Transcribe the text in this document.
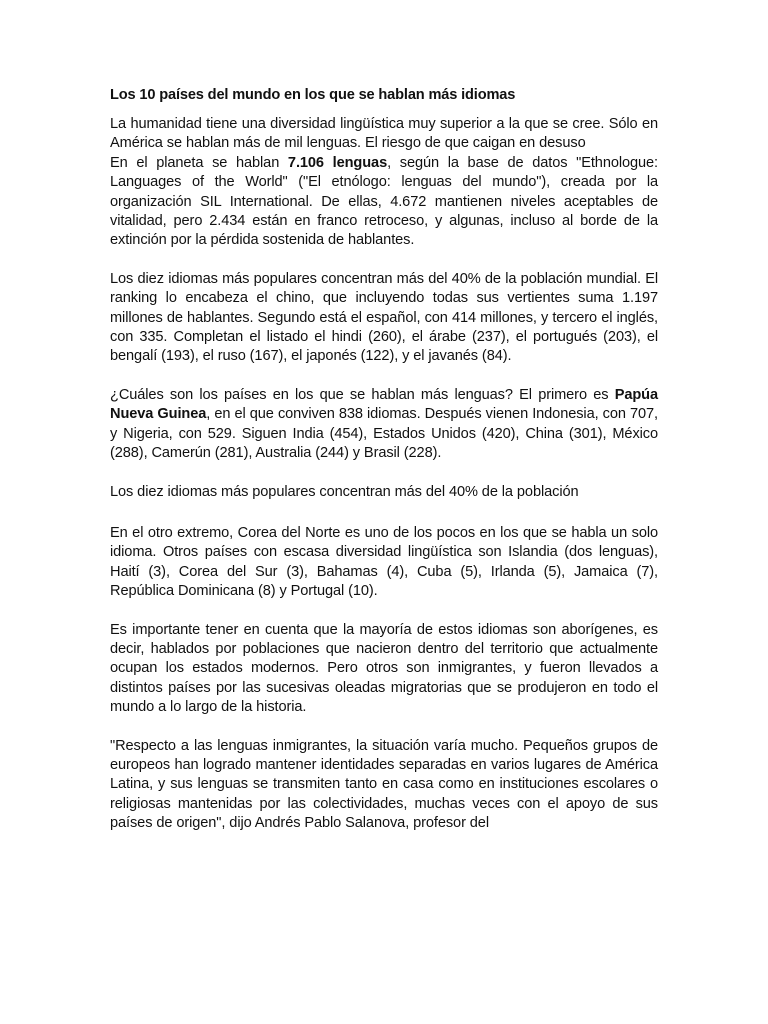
Los 10 países del mundo en los que se hablan más idiomas

La humanidad tiene una diversidad lingüística muy superior a la que se cree. Sólo en América se hablan más de mil lenguas. El riesgo de que caigan en desuso

En el planeta se hablan 7.106 lenguas, según la base de datos "Ethnologue: Languages of the World" ("El etnólogo: lenguas del mundo"), creada por la organización SIL International. De ellas, 4.672 mantienen niveles aceptables de vitalidad, pero 2.434 están en franco retroceso, y algunas, incluso al borde de la extinción por la pérdida sostenida de hablantes.

Los diez idiomas más populares concentran más del 40% de la población mundial. El ranking lo encabeza el chino, que incluyendo todas sus vertientes suma 1.197 millones de hablantes. Segundo está el español, con 414 millones, y tercero el inglés, con 335. Completan el listado el hindi (260), el árabe (237), el portugués (203), el bengalí (193), el ruso (167), el japonés (122), y el javanés (84).

¿Cuáles son los países en los que se hablan más lenguas? El primero es Papúa Nueva Guinea, en el que conviven 838 idiomas. Después vienen Indonesia, con 707, y Nigeria, con 529. Siguen India (454), Estados Unidos (420), China (301), México (288), Camerún (281), Australia (244) y Brasil (228).

Los diez idiomas más populares concentran más del 40% de la población

En el otro extremo, Corea del Norte es uno de los pocos en los que se habla un solo idioma. Otros países con escasa diversidad lingüística son Islandia (dos lenguas), Haití (3), Corea del Sur (3), Bahamas (4), Cuba (5), Irlanda (5), Jamaica (7), República Dominicana (8) y Portugal (10).

Es importante tener en cuenta que la mayoría de estos idiomas son aborígenes, es decir, hablados por poblaciones que nacieron dentro del territorio que actualmente ocupan los estados modernos. Pero otros son inmigrantes, y fueron llevados a distintos países por las sucesivas oleadas migratorias que se produjeron en todo el mundo a lo largo de la historia.

"Respecto a las lenguas inmigrantes, la situación varía mucho. Pequeños grupos de europeos han logrado mantener identidades separadas en varios lugares de América Latina, y sus lenguas se transmiten tanto en casa como en instituciones escolares o religiosas mantenidas por las colectividades, muchas veces con el apoyo de sus países de origen", dijo Andrés Pablo Salanova, profesor del
